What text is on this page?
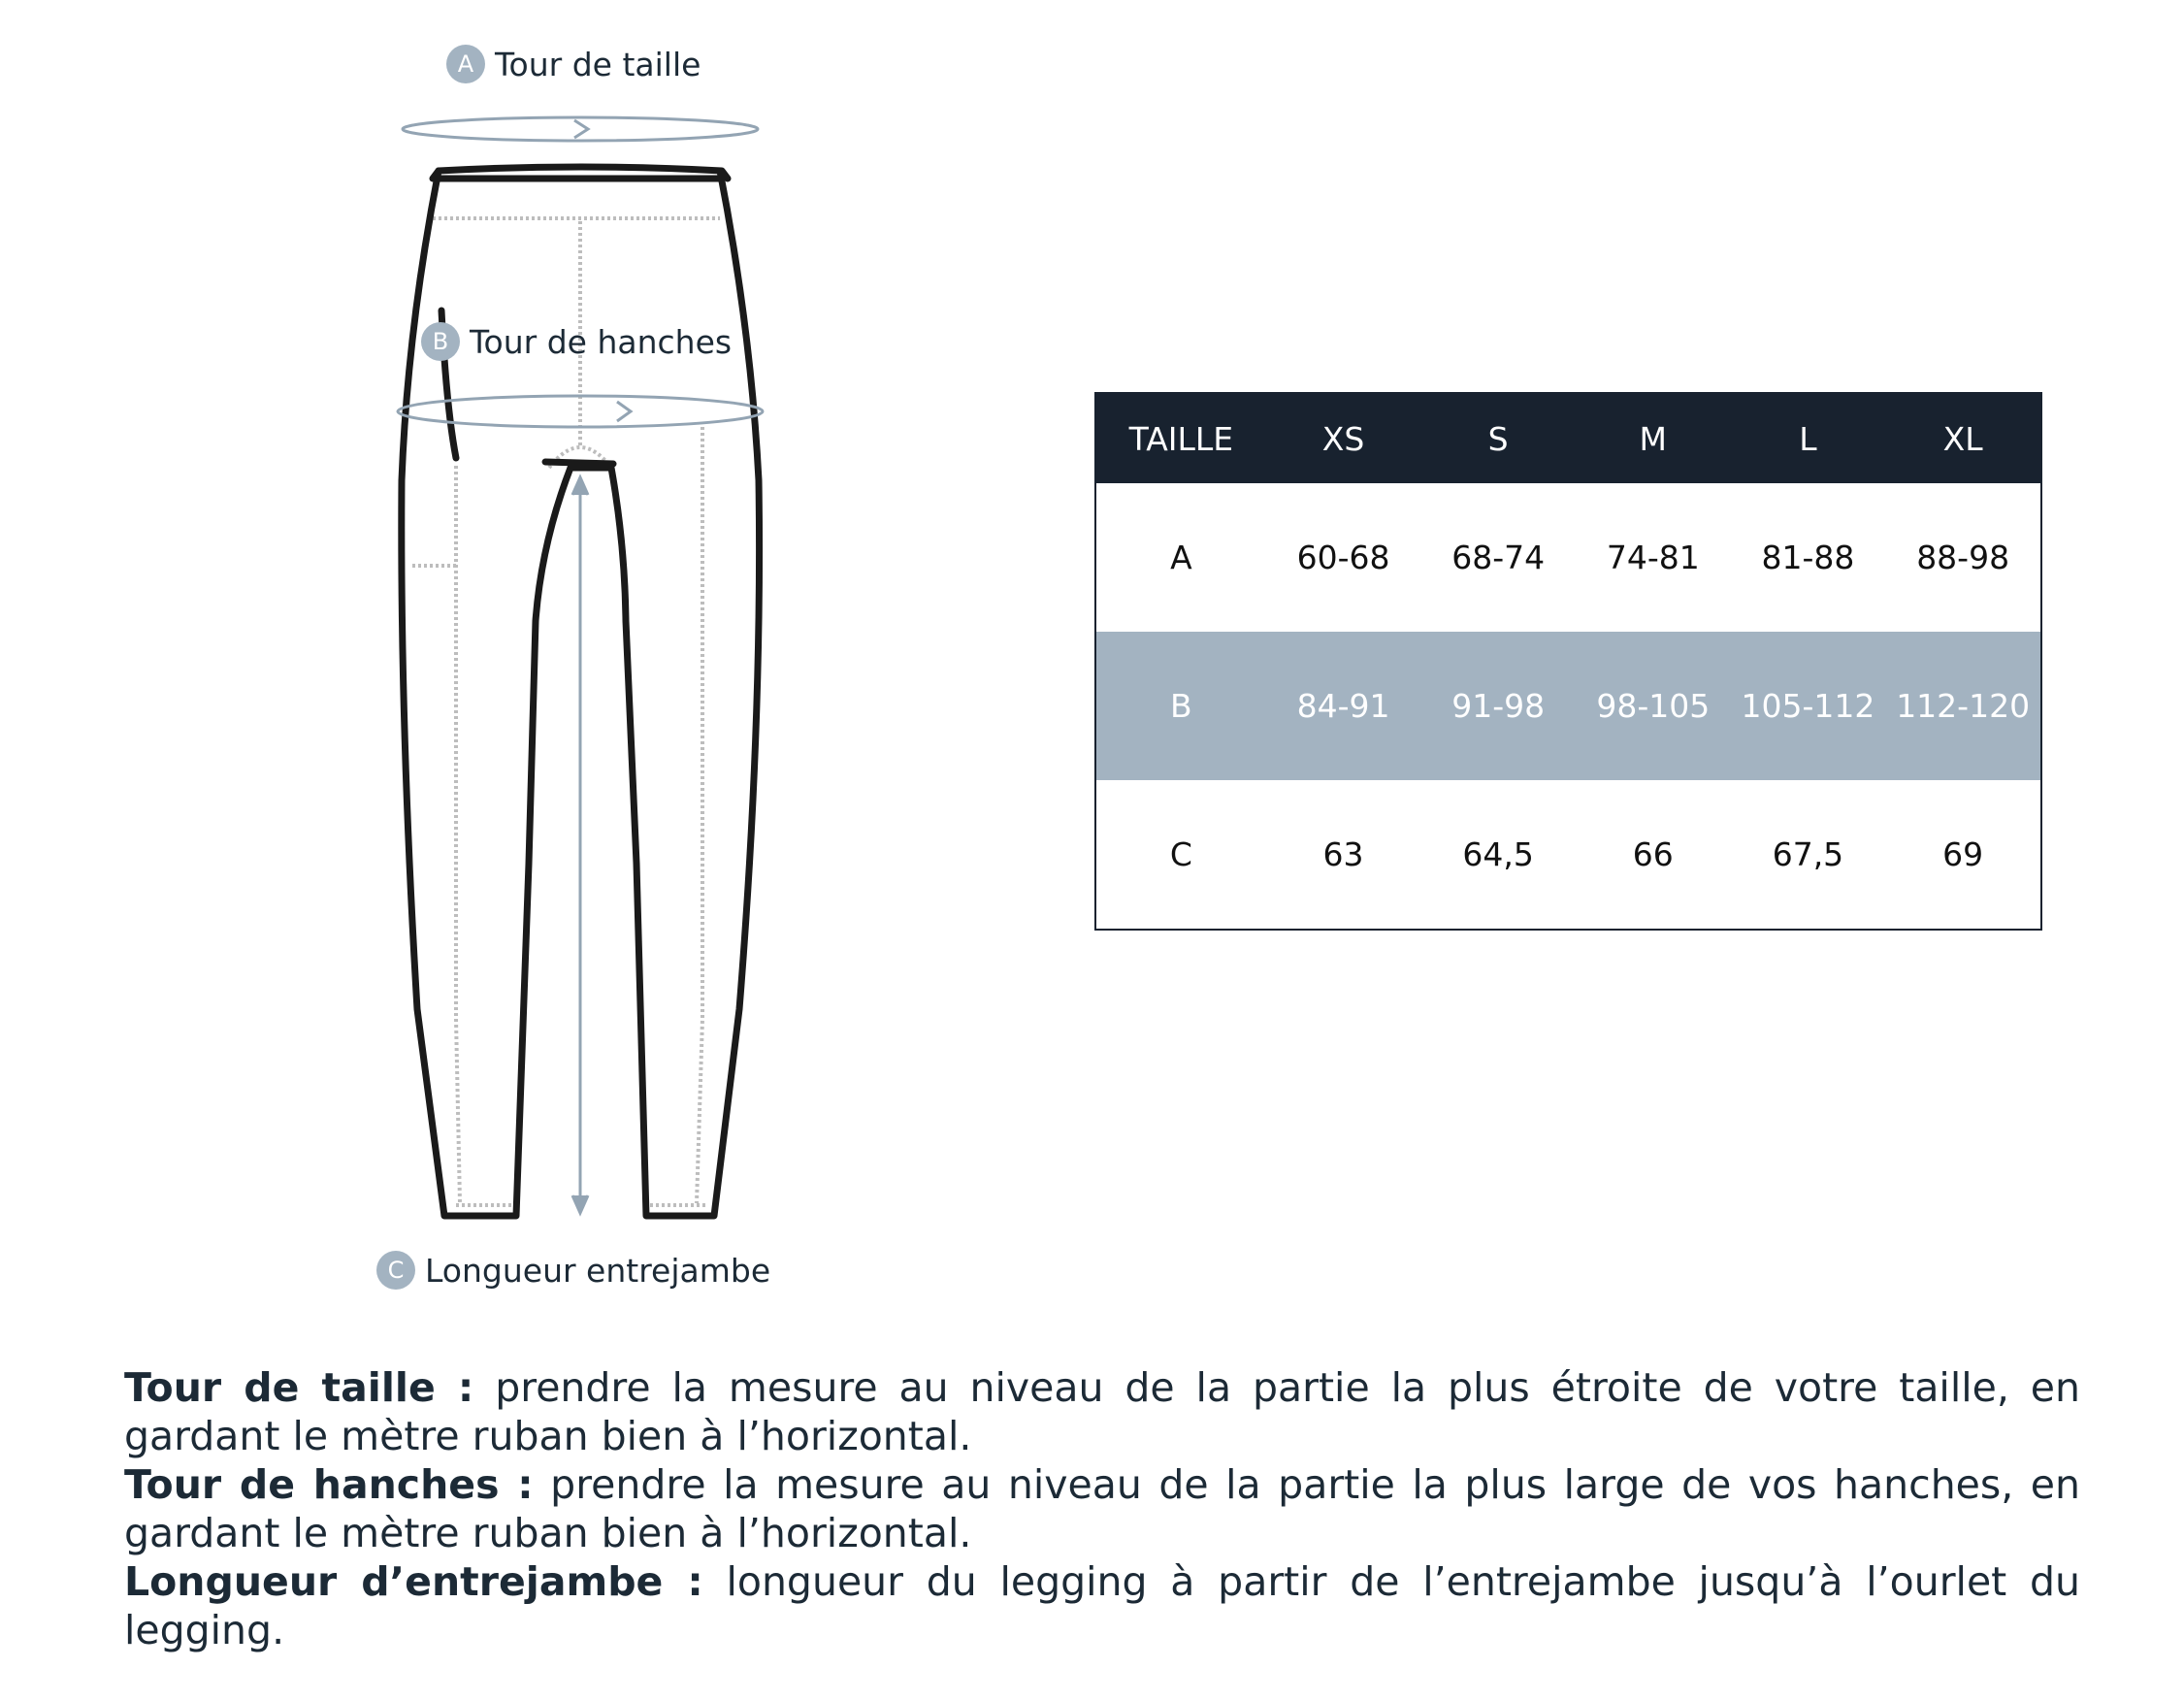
A Tour de taille
B Tour de hanches
C Longueur entrejambe
TAILLE	XS	S	M	L	XL
A	60-68	68-74	74-81	81-88	88-98
B	84-91	91-98	98-105	105-112	112-120
C	63	64,5	66	67,5	69

Tour de taille : prendre la mesure au niveau de la partie la plus étroite de votre taille, en gardant le mètre ruban bien à l’horizontal.

Tour de hanches : prendre la mesure au niveau de la partie la plus large de vos hanches, en gardant le mètre ruban bien à l’horizontal.

Longueur d’entrejambe : longueur du legging à partir de l’entrejambe jusqu’à l’ourlet du legging.
